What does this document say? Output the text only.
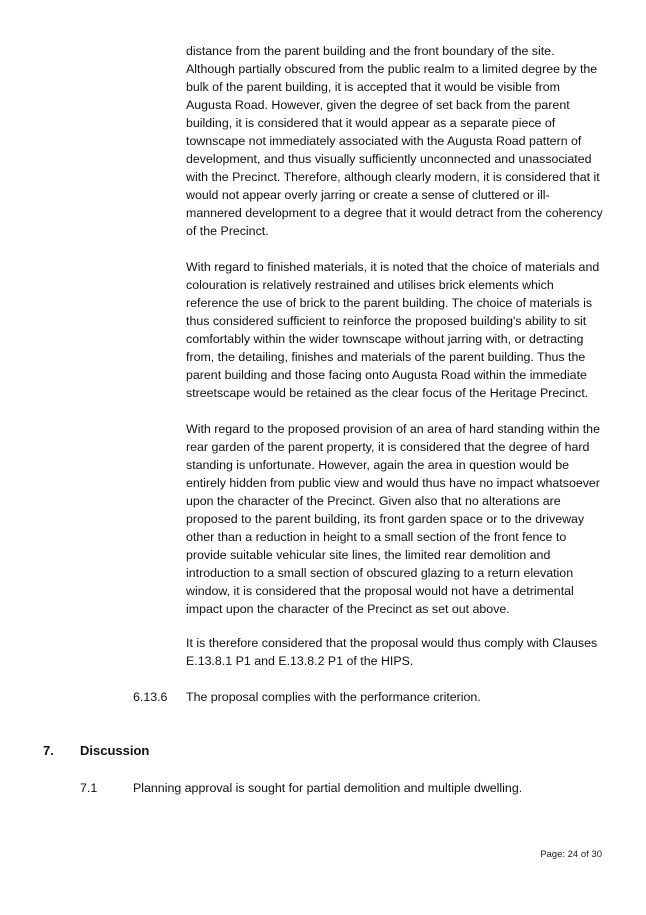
distance from the parent building and the front boundary of the site. Although partially obscured from the public realm to a limited degree by the bulk of the parent building, it is accepted that it would be visible from Augusta Road. However, given the degree of set back from the parent building, it is considered that it would appear as a separate piece of townscape not immediately associated with the Augusta Road pattern of development, and thus visually sufficiently unconnected and unassociated with the Precinct. Therefore, although clearly modern, it is considered that it would not appear overly jarring or create a sense of cluttered or ill-mannered development to a degree that it would detract from the coherency of the Precinct.

With regard to finished materials, it is noted that the choice of materials and colouration is relatively restrained and utilises brick elements which reference the use of brick to the parent building. The choice of materials is thus considered sufficient to reinforce the proposed building's ability to sit comfortably within the wider townscape without jarring with, or detracting from, the detailing, finishes and materials of the parent building. Thus the parent building and those facing onto Augusta Road within the immediate streetscape would be retained as the clear focus of the Heritage Precinct.

With regard to the proposed provision of an area of hard standing within the rear garden of the parent property, it is considered that the degree of hard standing is unfortunate. However, again the area in question would be entirely hidden from public view and would thus have no impact whatsoever upon the character of the Precinct. Given also that no alterations are proposed to the parent building, its front garden space or to the driveway other than a reduction in height to a small section of the front fence to provide suitable vehicular site lines, the limited rear demolition and introduction to a small section of obscured glazing to a return elevation window, it is considered that the proposal would not have a detrimental impact upon the character of the Precinct as set out above.

It is therefore considered that the proposal would thus comply with Clauses E.13.8.1 P1 and E.13.8.2 P1 of the HIPS.

6.13.6 The proposal complies with the performance criterion.

7. Discussion

7.1	Planning approval is sought for partial demolition and multiple dwelling.

Page: 24 of 30
